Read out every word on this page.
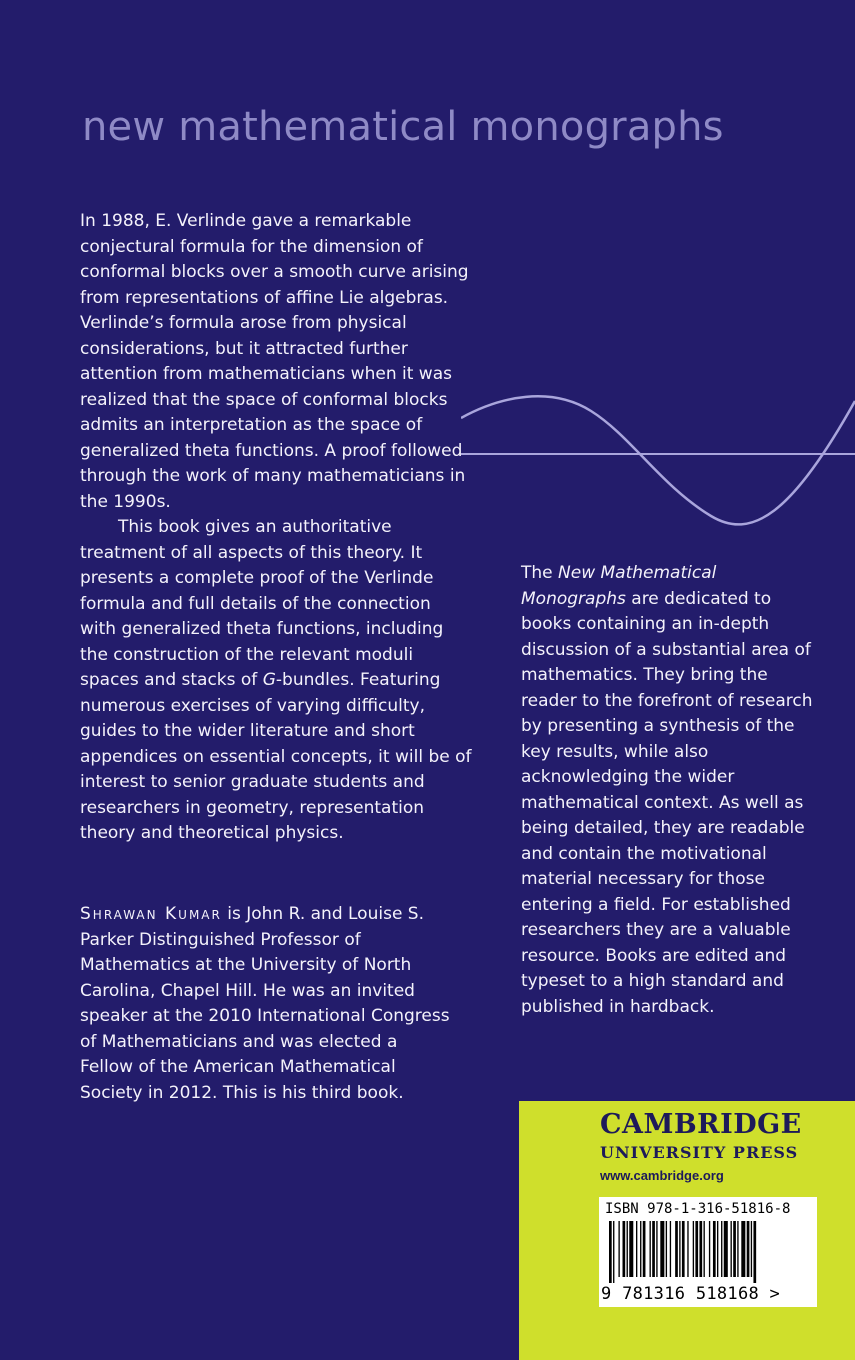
new mathematical monographs

In 1988, E. Verlinde gave a remarkable conjectural formula for the dimension of conformal blocks over a smooth curve arising from representations of affine Lie algebras. Verlinde’s formula arose from physical considerations, but it attracted further attention from mathematicians when it was realized that the space of conformal blocks admits an interpretation as the space of generalized theta functions. A proof followed through the work of many mathematicians in the 1990s.

This book gives an authoritative treatment of all aspects of this theory. It presents a complete proof of the Verlinde formula and full details of the connection with generalized theta functions, including the construction of the relevant moduli spaces and stacks of G-bundles. Featuring numerous exercises of varying difficulty, guides to the wider literature and short appendices on essential concepts, it will be of interest to senior graduate students and researchers in geometry, representation theory and theoretical physics.

Shrawan Kumar is John R. and Louise S. Parker Distinguished Professor of Mathematics at the University of North Carolina, Chapel Hill. He was an invited speaker at the 2010 International Congress of Mathematicians and was elected a Fellow of the American Mathematical Society in 2012. This is his third book.
The New Mathematical Monographs are dedicated to books containing an in-depth discussion of a substantial area of mathematics. They bring the reader to the forefront of research by presenting a synthesis of the key results, while also acknowledging the wider mathematical context. As well as being detailed, they are readable and contain the motivational material necessary for those entering a field. For established researchers they are a valuable resource. Books are edited and typeset to a high standard and published in hardback.
CAMBRIDGE
UNIVERSITY PRESS
www.cambridge.org
ISBN 978-1-316-51816-8
9 781316 518168 >
